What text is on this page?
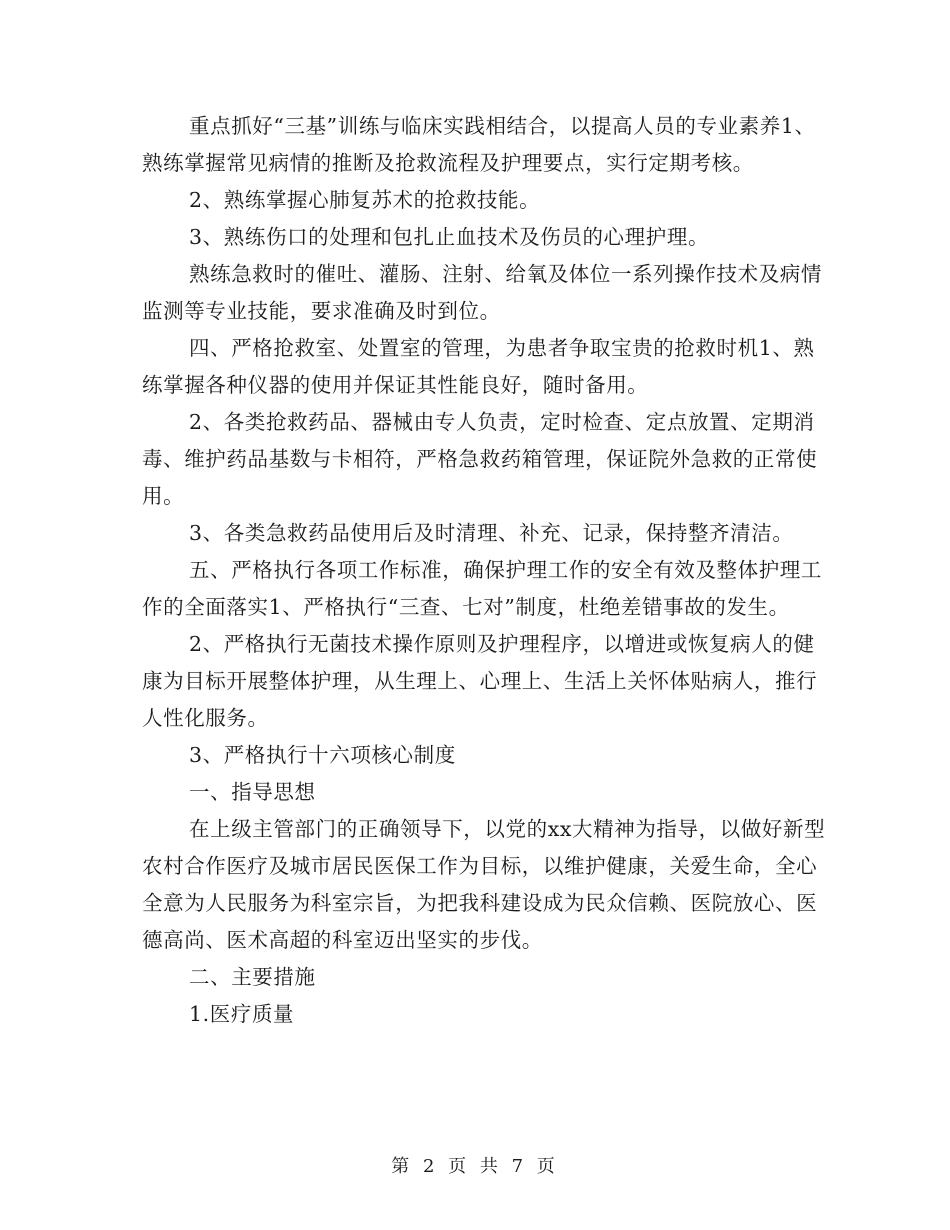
重点抓好“三基”训练与临床实践相结合，以提高人员的专业素养1、熟练掌握常见病情的推断及抢救流程及护理要点，实行定期考核。

2、熟练掌握心肺复苏术的抢救技能。

3、熟练伤口的处理和包扎止血技术及伤员的心理护理。

熟练急救时的催吐、灌肠、注射、给氧及体位一系列操作技术及病情监测等专业技能，要求准确及时到位。

四、严格抢救室、处置室的管理，为患者争取宝贵的抢救时机1、熟练掌握各种仪器的使用并保证其性能良好，随时备用。

2、各类抢救药品、器械由专人负责，定时检查、定点放置、定期消毒、维护药品基数与卡相符，严格急救药箱管理，保证院外急救的正常使用。

3、各类急救药品使用后及时清理、补充、记录，保持整齐清洁。

五、严格执行各项工作标准，确保护理工作的安全有效及整体护理工作的全面落实1、严格执行“三查、七对”制度，杜绝差错事故的发生。

2、严格执行无菌技术操作原则及护理程序，以增进或恢复病人的健康为目标开展整体护理，从生理上、心理上、生活上关怀体贴病人，推行人性化服务。

3、严格执行十六项核心制度

一、指导思想

在上级主管部门的正确领导下，以党的xx大精神为指导，以做好新型农村合作医疗及城市居民医保工作为目标，以维护健康，关爱生命，全心全意为人民服务为科室宗旨，为把我科建设成为民众信赖、医院放心、医德高尚、医术高超的科室迈出坚实的步伐。

二、主要措施

1.医疗质量

第 2 页 共 7 页
